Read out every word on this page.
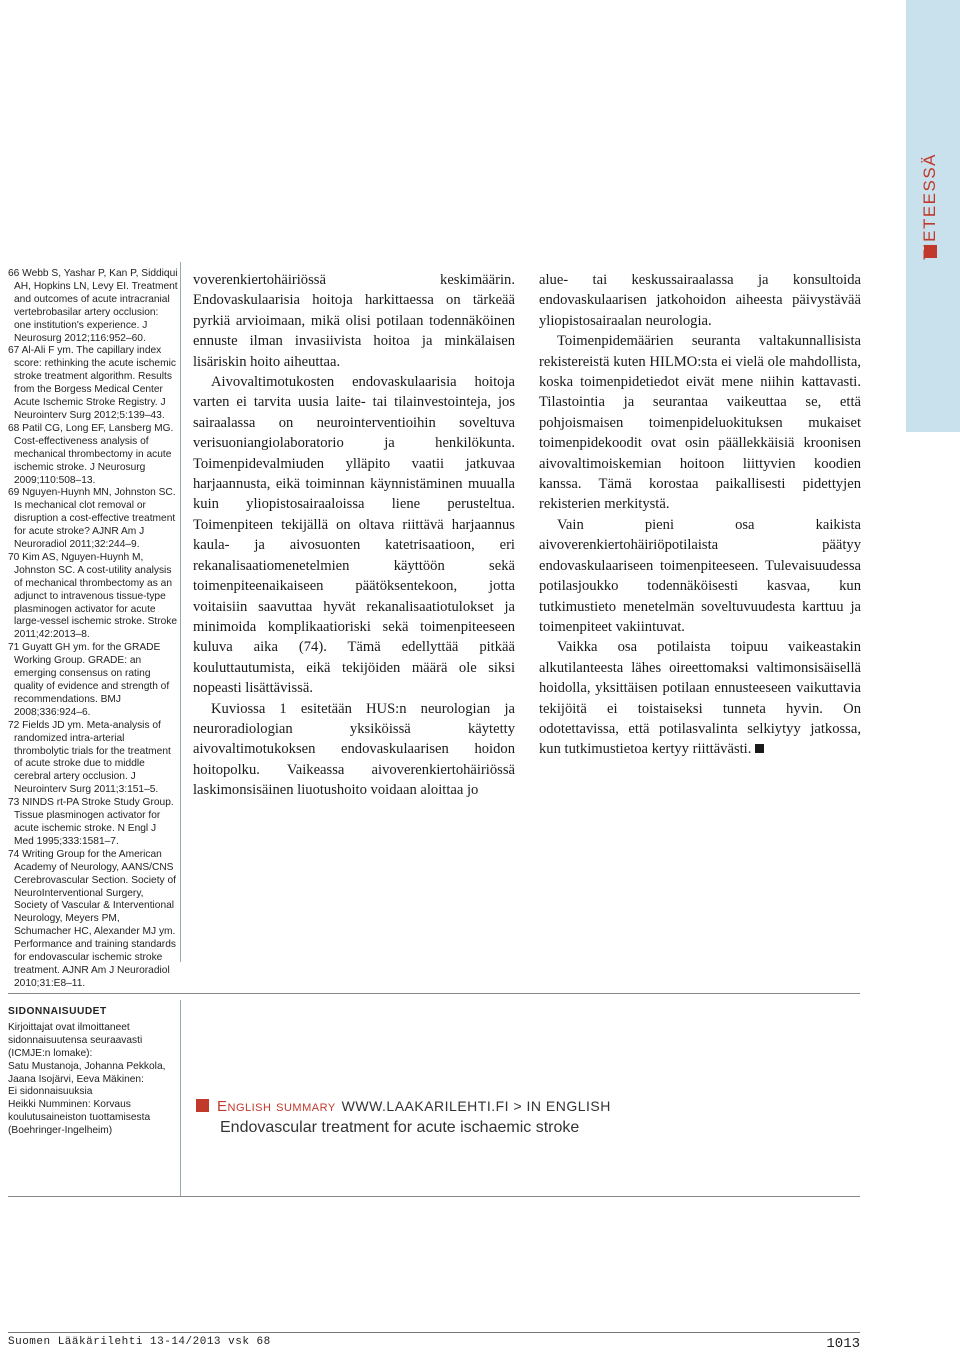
TIETEESSÄ

66 Webb S, Yashar P, Kan P, Siddiqui AH, Hopkins LN, Levy EI. Treatment and outcomes of acute intracranial vertebrobasilar artery occlusion: one institution's experience. J Neurosurg 2012;116:952–60.

67 Al-Ali F ym. The capillary index score: rethinking the acute ischemic stroke treatment algorithm. Results from the Borgess Medical Center Acute Ischemic Stroke Registry. J Neurointerv Surg 2012;5:139–43.

68 Patil CG, Long EF, Lansberg MG. Cost-effectiveness analysis of mechanical thrombectomy in acute ischemic stroke. J Neurosurg 2009;110:508–13.

69 Nguyen-Huynh MN, Johnston SC. Is mechanical clot removal or disruption a cost-effective treatment for acute stroke? AJNR Am J Neuroradiol 2011;32:244–9.

70 Kim AS, Nguyen-Huynh M, Johnston SC. A cost-utility analysis of mechanical thrombectomy as an adjunct to intravenous tissue-type plasminogen activator for acute large-vessel ischemic stroke. Stroke 2011;42:2013–8.

71 Guyatt GH ym. for the GRADE Working Group. GRADE: an emerging consensus on rating quality of evidence and strength of recommendations. BMJ 2008;336:924–6.

72 Fields JD ym. Meta-analysis of randomized intra-arterial thrombolytic trials for the treatment of acute stroke due to middle cerebral artery occlusion. J Neurointerv Surg 2011;3:151–5.

73 NINDS rt-PA Stroke Study Group. Tissue plasminogen activator for acute ischemic stroke. N Engl J Med 1995;333:1581–7.

74 Writing Group for the American Academy of Neurology, AANS/CNS Cerebrovascular Section. Society of NeuroInterventional Surgery, Society of Vascular & Interventional Neurology, Meyers PM, Schumacher HC, Alexander MJ ym. Performance and training standards for endovascular ischemic stroke treatment. AJNR Am J Neuroradiol 2010;31:E8–11.

voverenkiertohäiriössä keskimäärin. Endovaskulaarisia hoitoja harkittaessa on tärkeää pyrkiä arvioimaan, mikä olisi potilaan todennäköinen ennuste ilman invasiivista hoitoa ja minkälaisen lisäriskin hoito aiheuttaa.

Aivovaltimotukosten endovaskulaarisia hoitoja varten ei tarvita uusia laite- tai tilainvestointeja, jos sairaalassa on neurointerventioihin soveltuva verisuoniangiolaboratorio ja henkilökunta. Toimenpidevalmiuden ylläpito vaatii jatkuvaa harjaannusta, eikä toiminnan käynnistäminen muualla kuin yliopistosairaaloissa liene perusteltua. Toimenpiteen tekijällä on oltava riittävä harjaannus kaula- ja aivosuonten katetrisaatioon, eri rekanalisaatiomenetelmien käyttöön sekä toimenpiteenaikaiseen päätöksentekoon, jotta voitaisiin saavuttaa hyvät rekanalisaatiotulokset ja minimoida komplikaatioriski sekä toimenpiteeseen kuluva aika (74). Tämä edellyttää pitkää kouluttautumista, eikä tekijöiden määrä ole siksi nopeasti lisättävissä.

Kuviossa 1 esitetään HUS:n neurologian ja neuroradiologian yksiköissä käytetty aivovaltimotukoksen endovaskulaarisen hoidon hoitopolku. Vaikeassa aivoverenkiertohäiriössä laskimonsisäinen liuotushoito voidaan aloittaa jo

alue- tai keskussairaalassa ja konsultoida endovaskulaarisen jatkohoidon aiheesta päivystävää yliopistosairaalan neurologia.

Toimenpidemäärien seuranta valtakunnallisista rekistereistä kuten HILMO:sta ei vielä ole mahdollista, koska toimenpidetiedot eivät mene niihin kattavasti. Tilastointia ja seurantaa vaikeuttaa se, että pohjoismaisen toimenpideluokituksen mukaiset toimenpidekoodit ovat osin päällekkäisiä kroonisen aivovaltimoiskemian hoitoon liittyvien koodien kanssa. Tämä korostaa paikallisesti pidettyjen rekisterien merkitystä.

Vain pieni osa kaikista aivoverenkiertohäiriöpotilaista päätyy endovaskulaariseen toimenpiteeseen. Tulevaisuudessa potilasjoukko todennäköisesti kasvaa, kun tutkimustieto menetelmän soveltuvuudesta karttuu ja toimenpiteet vakiintuvat.

Vaikka osa potilaista toipuu vaikeastakin alkutilanteesta lähes oireettomaksi valtimonsisäisellä hoidolla, yksittäisen potilaan ennusteeseen vaikuttavia tekijöitä ei toistaiseksi tunneta hyvin. On odotettavissa, että potilasvalinta selkiytyy jatkossa, kun tutkimustietoa kertyy riittävästi.

SIDONNAISUUDET

Kirjoittajat ovat ilmoittaneet sidonnaisuutensa seuraavasti (ICMJE:n lomake):

Satu Mustanoja, Johanna Pekkola, Jaana Isojärvi, Eeva Mäkinen:

Ei sidonnaisuuksia

Heikki Numminen: Korvaus koulutusaineiston tuottamisesta (Boehringer-Ingelheim)

English summary WWW.LAAKARILEHTI.FI > IN ENGLISH
Endovascular treatment for acute ischaemic stroke
Suomen Lääkärilehti 13-14/2013 vsk 68	1013
